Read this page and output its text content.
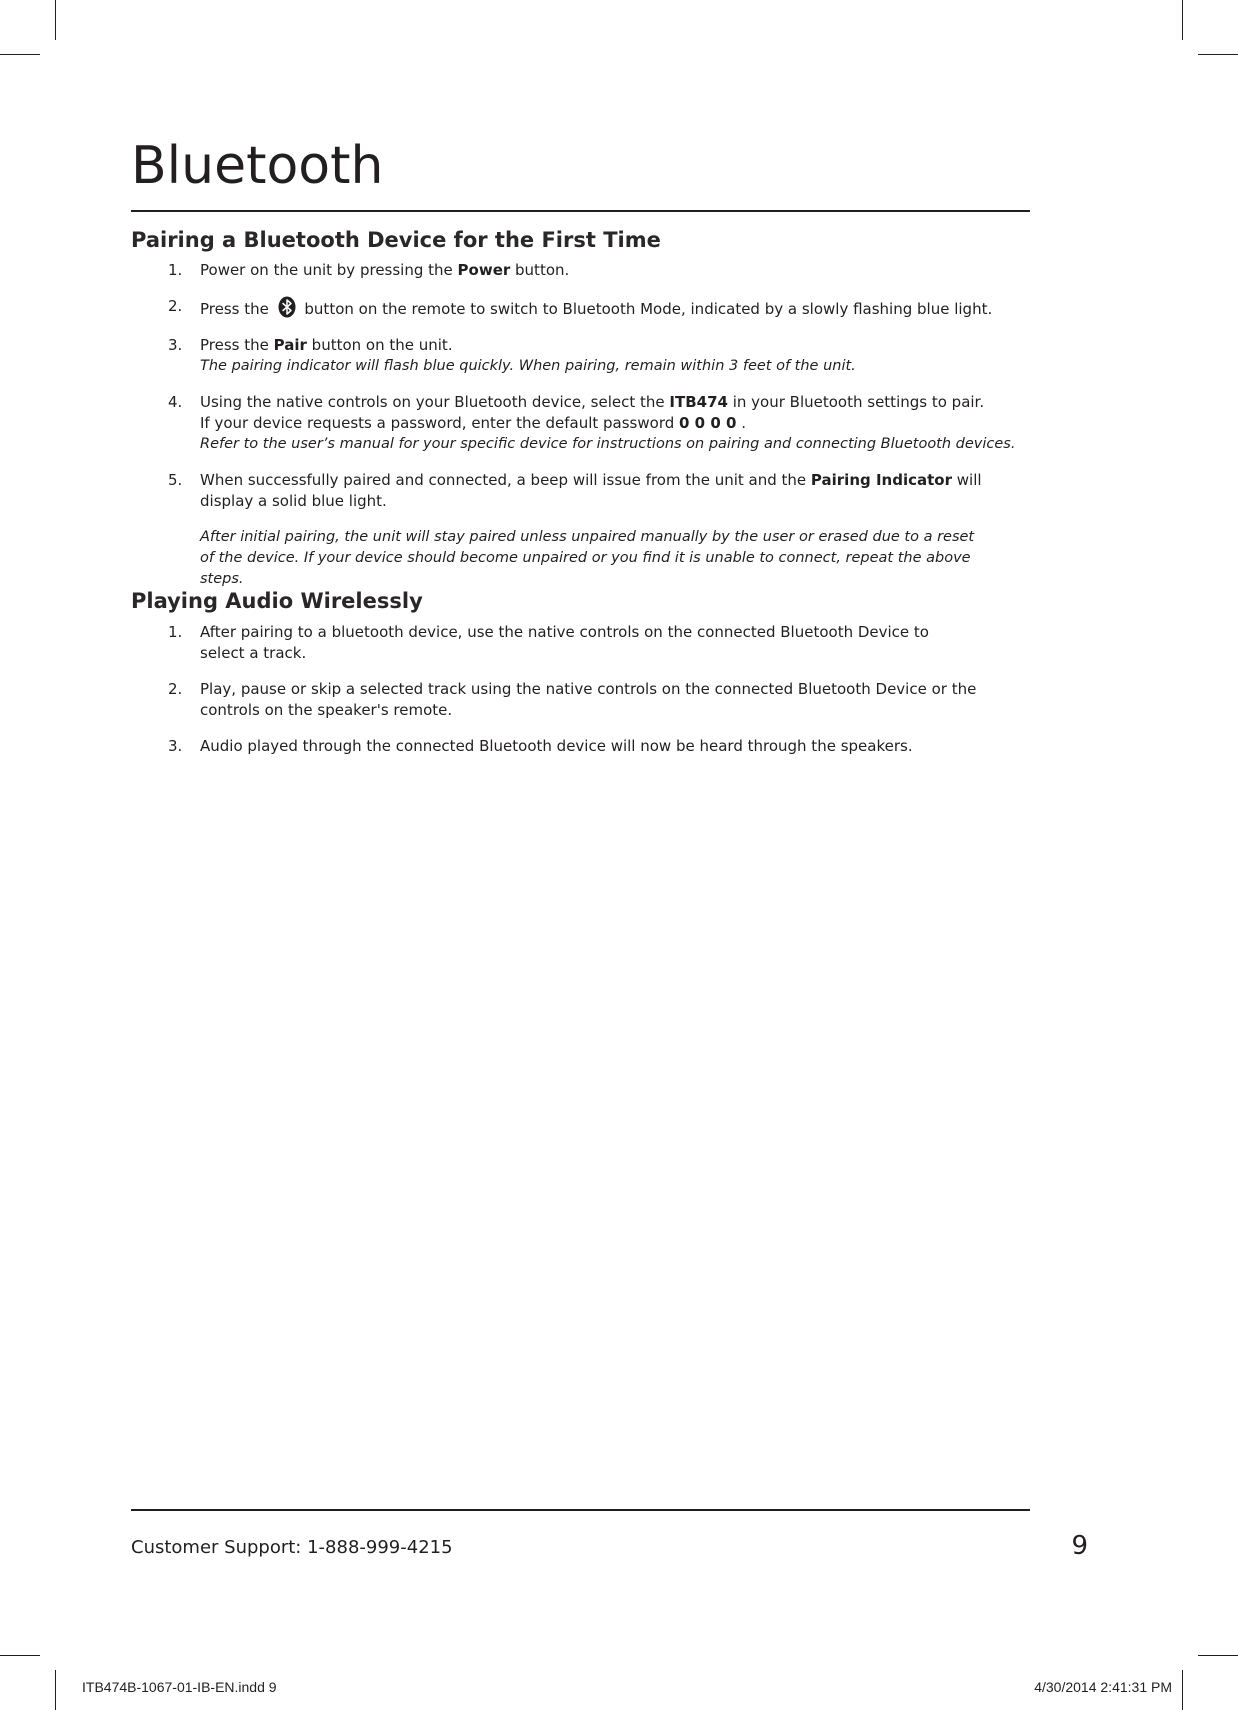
Bluetooth
Pairing a Bluetooth Device for the First Time
1. Power on the unit by pressing the Power button.
2. Press the  button on the remote to switch to Bluetooth Mode, indicated by a slowly flashing blue light.
3. Press the Pair button on the unit.
The pairing indicator will flash blue quickly. When pairing, remain within 3 feet of the unit.
4. Using the native controls on your Bluetooth device, select the ITB474 in your Bluetooth settings to pair.
If your device requests a password, enter the default password 0 0 0 0 .
Refer to the user’s manual for your specific device for instructions on pairing and connecting Bluetooth devices.
5. When successfully paired and connected, a beep will issue from the unit and the Pairing Indicator will display a solid blue light.
After initial pairing, the unit will stay paired unless unpaired manually by the user or erased due to a reset of the device. If your device should become unpaired or you find it is unable to connect, repeat the above steps.
Playing Audio Wirelessly
1. After pairing to a bluetooth device, use the native controls on the connected Bluetooth Device to
select a track.
2. Play, pause or skip a selected track using the native controls on the connected Bluetooth Device or the
controls on the speaker's remote.
3. Audio played through the connected Bluetooth device will now be heard through the speakers.

Customer Support: 1-888-999-4215	9

ITB474B-1067-01-IB-EN.indd 9	4/30/2014 2:41:31 PM
